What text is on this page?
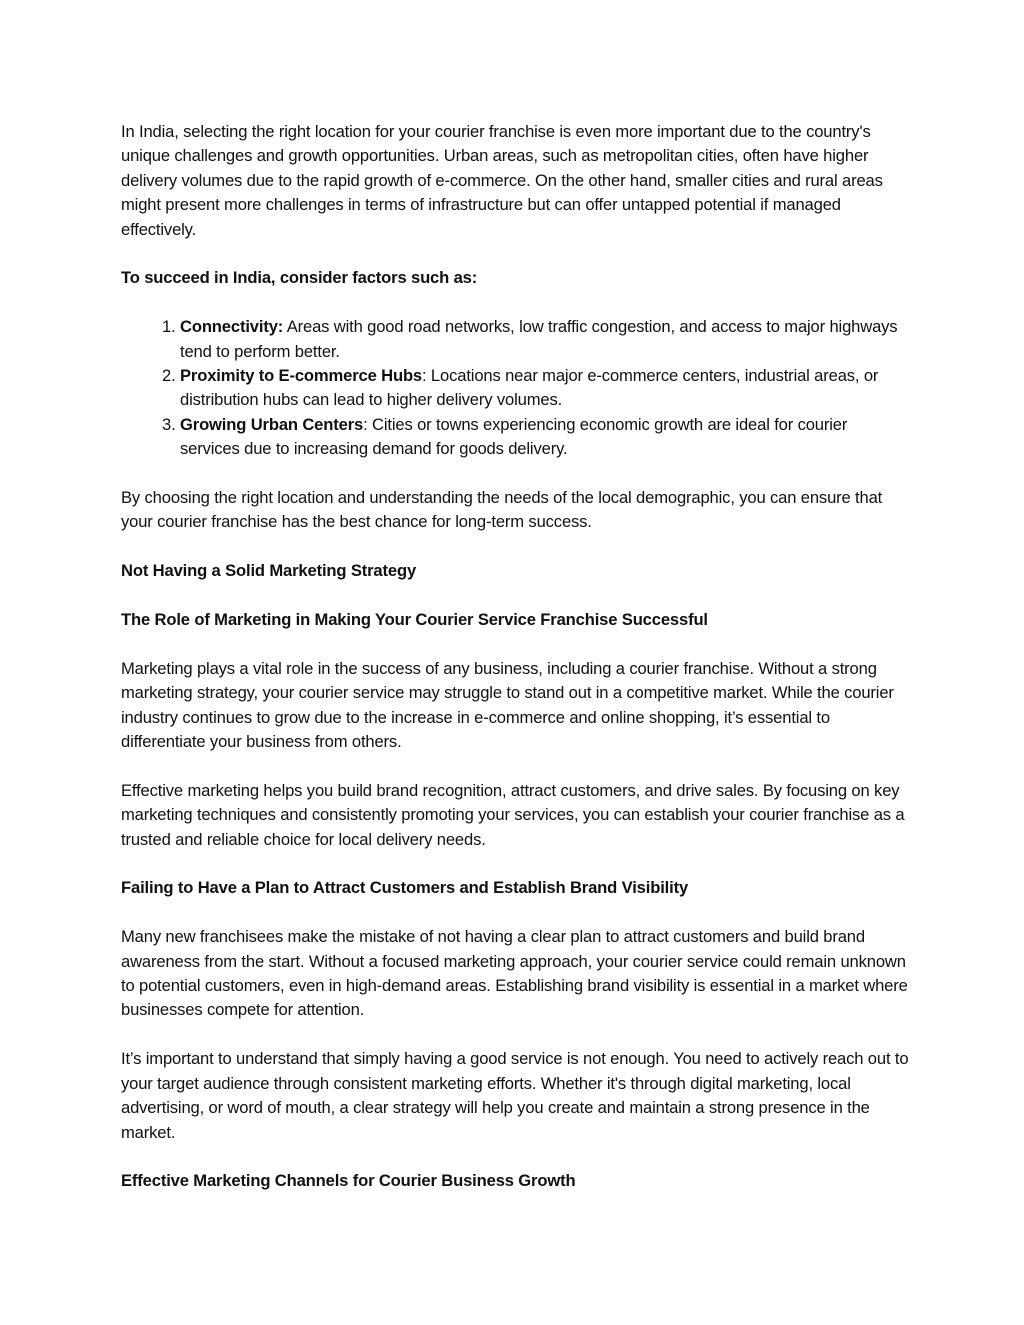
In India, selecting the right location for your courier franchise is even more important due to the country's unique challenges and growth opportunities. Urban areas, such as metropolitan cities, often have higher delivery volumes due to the rapid growth of e-commerce. On the other hand, smaller cities and rural areas might present more challenges in terms of infrastructure but can offer untapped potential if managed effectively.

To succeed in India, consider factors such as:

1. Connectivity: Areas with good road networks, low traffic congestion, and access to major highways tend to perform better.
2. Proximity to E-commerce Hubs: Locations near major e-commerce centers, industrial areas, or distribution hubs can lead to higher delivery volumes.
3. Growing Urban Centers: Cities or towns experiencing economic growth are ideal for courier services due to increasing demand for goods delivery.

By choosing the right location and understanding the needs of the local demographic, you can ensure that your courier franchise has the best chance for long-term success.

Not Having a Solid Marketing Strategy

The Role of Marketing in Making Your Courier Service Franchise Successful

Marketing plays a vital role in the success of any business, including a courier franchise. Without a strong marketing strategy, your courier service may struggle to stand out in a competitive market. While the courier industry continues to grow due to the increase in e-commerce and online shopping, it’s essential to differentiate your business from others.

Effective marketing helps you build brand recognition, attract customers, and drive sales. By focusing on key marketing techniques and consistently promoting your services, you can establish your courier franchise as a trusted and reliable choice for local delivery needs.

Failing to Have a Plan to Attract Customers and Establish Brand Visibility

Many new franchisees make the mistake of not having a clear plan to attract customers and build brand awareness from the start. Without a focused marketing approach, your courier service could remain unknown to potential customers, even in high-demand areas. Establishing brand visibility is essential in a market where businesses compete for attention.

It’s important to understand that simply having a good service is not enough. You need to actively reach out to your target audience through consistent marketing efforts. Whether it's through digital marketing, local advertising, or word of mouth, a clear strategy will help you create and maintain a strong presence in the market.

Effective Marketing Channels for Courier Business Growth
